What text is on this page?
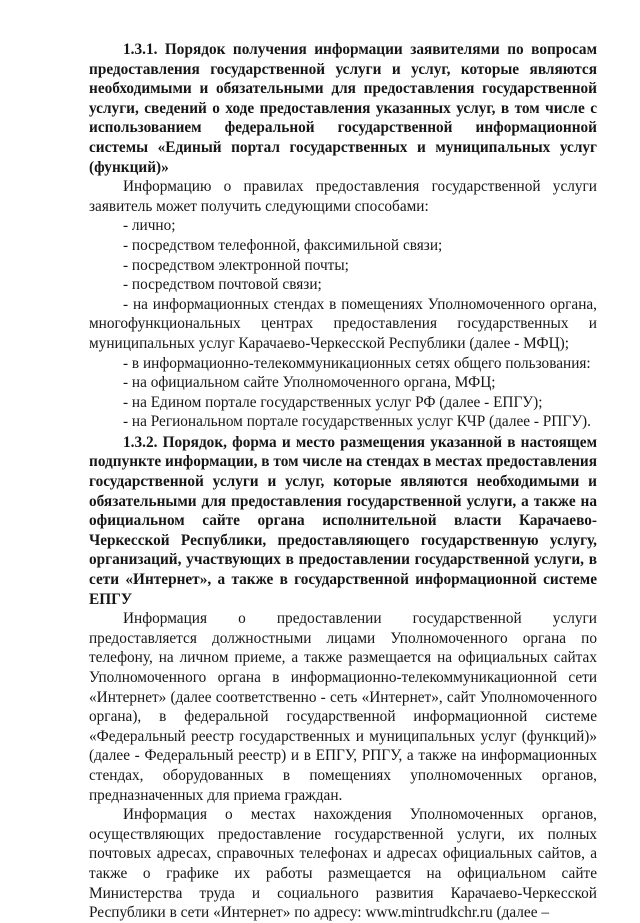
1.3.1. Порядок получения информации заявителями по вопросам предоставления государственной услуги и услуг, которые являются необходимыми и обязательными для предоставления государственной услуги, сведений о ходе предоставления указанных услуг, в том числе с использованием федеральной государственной информационной системы «Единый портал государственных и муниципальных услуг (функций)»

Информацию о правилах предоставления государственной услуги заявитель может получить следующими способами:

- лично;

- посредством телефонной, факсимильной связи;

- посредством электронной почты;

- посредством почтовой связи;

- на информационных стендах в помещениях Уполномоченного органа, многофункциональных центрах предоставления государственных и муниципальных услуг Карачаево-Черкесской Республики (далее - МФЦ);

- в информационно-телекоммуникационных сетях общего пользования:

- на официальном сайте Уполномоченного органа, МФЦ;

- на Едином портале государственных услуг РФ (далее - ЕПГУ);

- на Региональном портале государственных услуг КЧР (далее - РПГУ).

1.3.2. Порядок, форма и место размещения указанной в настоящем подпункте информации, в том числе на стендах в местах предоставления государственной услуги и услуг, которые являются необходимыми и обязательными для предоставления государственной услуги, а также на официальном сайте органа исполнительной власти Карачаево-Черкесской Республики, предоставляющего государственную услугу, организаций, участвующих в предоставлении государственной услуги, в сети «Интернет», а также в государственной информационной системе ЕПГУ

Информация о предоставлении государственной услуги предоставляется должностными лицами Уполномоченного органа по телефону, на личном приеме, а также размещается на официальных сайтах Уполномоченного органа в информационно-телекоммуникационной сети «Интернет» (далее соответственно - сеть «Интернет», сайт Уполномоченного органа), в федеральной государственной информационной системе «Федеральный реестр государственных и муниципальных услуг (функций)» (далее - Федеральный реестр) и в ЕПГУ, РПГУ, а также на информационных стендах, оборудованных в помещениях уполномоченных органов, предназначенных для приема граждан.

Информация о местах нахождения Уполномоченных органов, осуществляющих предоставление государственной услуги, их полных почтовых адресах, справочных телефонах и адресах официальных сайтов, а также о графике их работы размещается на официальном сайте Министерства труда и социального развития Карачаево-Черкесской Республики в сети «Интернет» по адресу: www.mintrudkchr.ru (далее –
